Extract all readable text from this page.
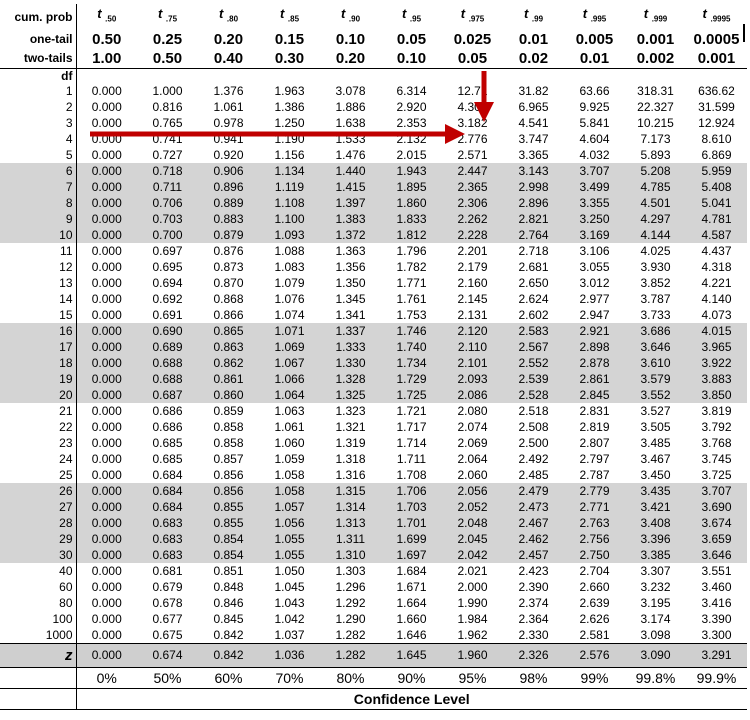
cum. prob	t $_{.50}$	t $_{.75}$	t $_{.80}$	t $_{.85}$	t $_{.90}$	t $_{.95}$	t $_{.975}$	t $_{.99}$	t $_{.995}$	t $_{.999}$	t $_{.9995}$
one-tail	0.50	0.25	0.20	0.15	0.10	0.05	0.025	0.01	0.005	0.001	0.0005
two-tails	1.00	0.50	0.40	0.30	0.20	0.10	0.05	0.02	0.01	0.002	0.001
df											
1	0.000	1.000	1.376	1.963	3.078	6.314	12.71	31.82	63.66	318.31	636.62
2	0.000	0.816	1.061	1.386	1.886	2.920	4.303	6.965	9.925	22.327	31.599
3	0.000	0.765	0.978	1.250	1.638	2.353	3.182	4.541	5.841	10.215	12.924
4	0.000	0.741	0.941	1.190	1.533	2.132	2.776	3.747	4.604	7.173	8.610
5	0.000	0.727	0.920	1.156	1.476	2.015	2.571	3.365	4.032	5.893	6.869
6	0.000	0.718	0.906	1.134	1.440	1.943	2.447	3.143	3.707	5.208	5.959
7	0.000	0.711	0.896	1.119	1.415	1.895	2.365	2.998	3.499	4.785	5.408
8	0.000	0.706	0.889	1.108	1.397	1.860	2.306	2.896	3.355	4.501	5.041
9	0.000	0.703	0.883	1.100	1.383	1.833	2.262	2.821	3.250	4.297	4.781
10	0.000	0.700	0.879	1.093	1.372	1.812	2.228	2.764	3.169	4.144	4.587
11	0.000	0.697	0.876	1.088	1.363	1.796	2.201	2.718	3.106	4.025	4.437
12	0.000	0.695	0.873	1.083	1.356	1.782	2.179	2.681	3.055	3.930	4.318
13	0.000	0.694	0.870	1.079	1.350	1.771	2.160	2.650	3.012	3.852	4.221
14	0.000	0.692	0.868	1.076	1.345	1.761	2.145	2.624	2.977	3.787	4.140
15	0.000	0.691	0.866	1.074	1.341	1.753	2.131	2.602	2.947	3.733	4.073
16	0.000	0.690	0.865	1.071	1.337	1.746	2.120	2.583	2.921	3.686	4.015
17	0.000	0.689	0.863	1.069	1.333	1.740	2.110	2.567	2.898	3.646	3.965
18	0.000	0.688	0.862	1.067	1.330	1.734	2.101	2.552	2.878	3.610	3.922
19	0.000	0.688	0.861	1.066	1.328	1.729	2.093	2.539	2.861	3.579	3.883
20	0.000	0.687	0.860	1.064	1.325	1.725	2.086	2.528	2.845	3.552	3.850
21	0.000	0.686	0.859	1.063	1.323	1.721	2.080	2.518	2.831	3.527	3.819
22	0.000	0.686	0.858	1.061	1.321	1.717	2.074	2.508	2.819	3.505	3.792
23	0.000	0.685	0.858	1.060	1.319	1.714	2.069	2.500	2.807	3.485	3.768
24	0.000	0.685	0.857	1.059	1.318	1.711	2.064	2.492	2.797	3.467	3.745
25	0.000	0.684	0.856	1.058	1.316	1.708	2.060	2.485	2.787	3.450	3.725
26	0.000	0.684	0.856	1.058	1.315	1.706	2.056	2.479	2.779	3.435	3.707
27	0.000	0.684	0.855	1.057	1.314	1.703	2.052	2.473	2.771	3.421	3.690
28	0.000	0.683	0.855	1.056	1.313	1.701	2.048	2.467	2.763	3.408	3.674
29	0.000	0.683	0.854	1.055	1.311	1.699	2.045	2.462	2.756	3.396	3.659
30	0.000	0.683	0.854	1.055	1.310	1.697	2.042	2.457	2.750	3.385	3.646
40	0.000	0.681	0.851	1.050	1.303	1.684	2.021	2.423	2.704	3.307	3.551
60	0.000	0.679	0.848	1.045	1.296	1.671	2.000	2.390	2.660	3.232	3.460
80	0.000	0.678	0.846	1.043	1.292	1.664	1.990	2.374	2.639	3.195	3.416
100	0.000	0.677	0.845	1.042	1.290	1.660	1.984	2.364	2.626	3.174	3.390
1000	0.000	0.675	0.842	1.037	1.282	1.646	1.962	2.330	2.581	3.098	3.300
z	0.000	0.674	0.842	1.036	1.282	1.645	1.960	2.326	2.576	3.090	3.291
	0%	50%	60%	70%	80%	90%	95%	98%	99%	99.8%	99.9%
	Confidence Level										
